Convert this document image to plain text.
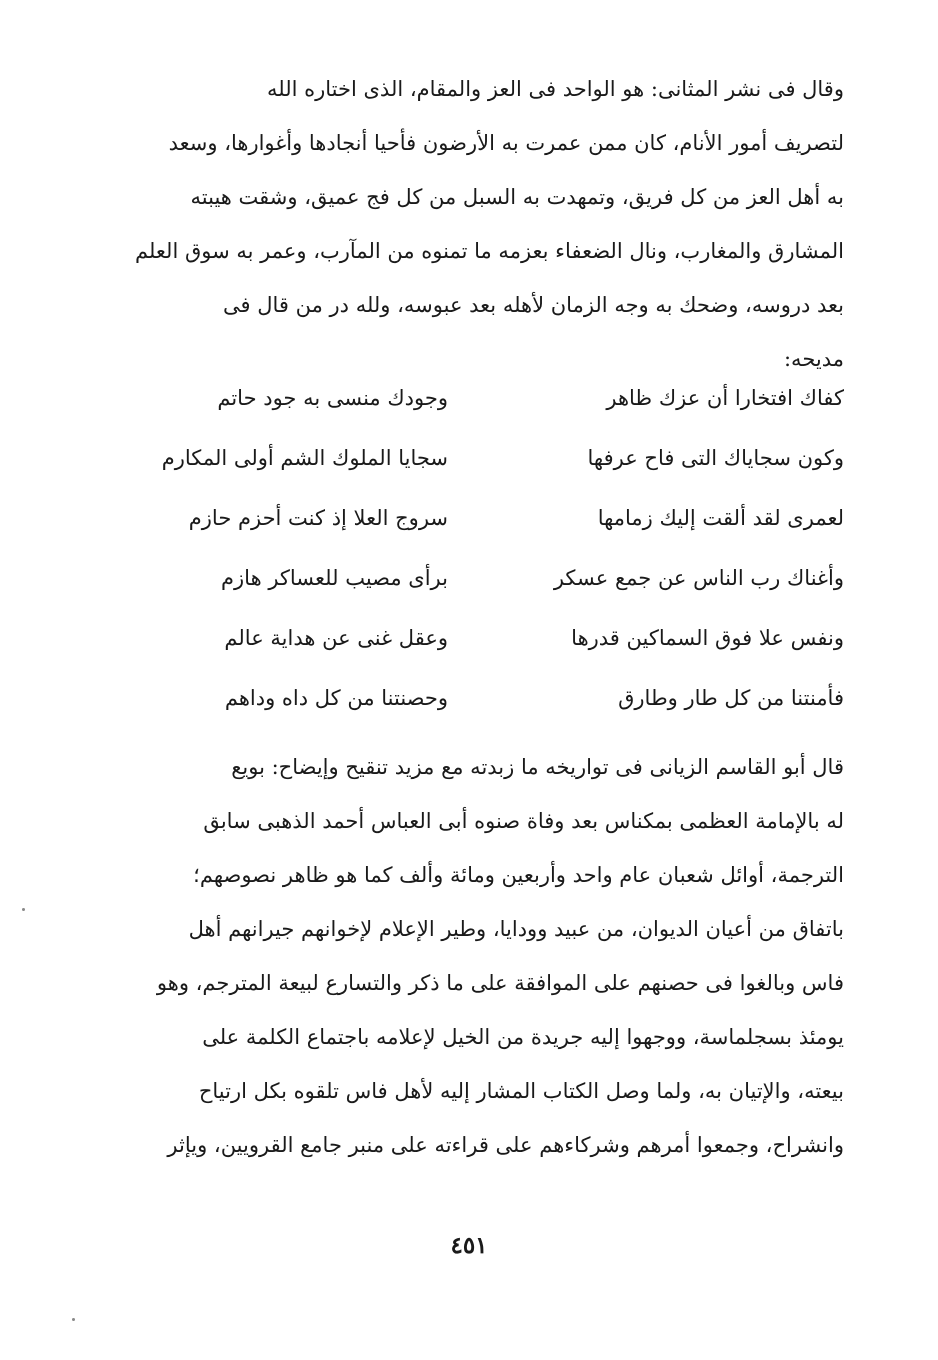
وقال فى نشر المثانى: هو الواحد فى العز والمقام، الذى اختاره الله
لتصريف أمور الأنام، كان ممن عمرت به الأرضون فأحيا أنجادها وأغوارها، وسعد
به أهل العز من كل فريق، وتمهدت به السبل من كل فج عميق، وشقت هيبته
المشارق والمغارب، ونال الضعفاء بعزمه ما تمنوه من المآرب، وعمر به سوق العلم
بعد دروسه، وضحك به وجه الزمان لأهله بعد عبوسه، ولله در من قال فى
مديحه:
كفاك افتخارا أن عزك ظاهر
وجودك منسى به جود حاتم
وكون سجاياك التى فاح عرفها
سجايا الملوك الشم أولى المكارم
لعمرى لقد ألقت إليك زمامها
سروج العلا إذ كنت أحزم حازم
وأغناك رب الناس عن جمع عسكر
برأى مصيب للعساكر هازم
ونفس علا فوق السماكين قدرها
وعقل غنى عن هداية عالم
فأمنتنا من كل طار وطارق
وحصنتنا من كل داه وداهم
قال أبو القاسم الزيانى فى تواريخه ما زبدته مع مزيد تنقيح وإيضاح: بويع
له بالإمامة العظمى بمكناس بعد وفاة صنوه أبى العباس أحمد الذهبى سابق
الترجمة، أوائل شعبان عام واحد وأربعين ومائة وألف كما هو ظاهر نصوصهم؛
باتفاق من أعيان الديوان، من عبيد وودايا، وطير الإعلام لإخوانهم جيرانهم أهل
فاس وبالغوا فى حصنهم على الموافقة على ما ذكر والتسارع لبيعة المترجم، وهو
يومئذ بسجلماسة، ووجهوا إليه جريدة من الخيل لإعلامه باجتماع الكلمة على
بيعته، والإتيان به، ولما وصل الكتاب المشار إليه لأهل فاس تلقوه بكل ارتياح
وانشراح، وجمعوا أمرهم وشركاءهم على قراءته على منبر جامع القرويين، ويإثر
٤٥١
